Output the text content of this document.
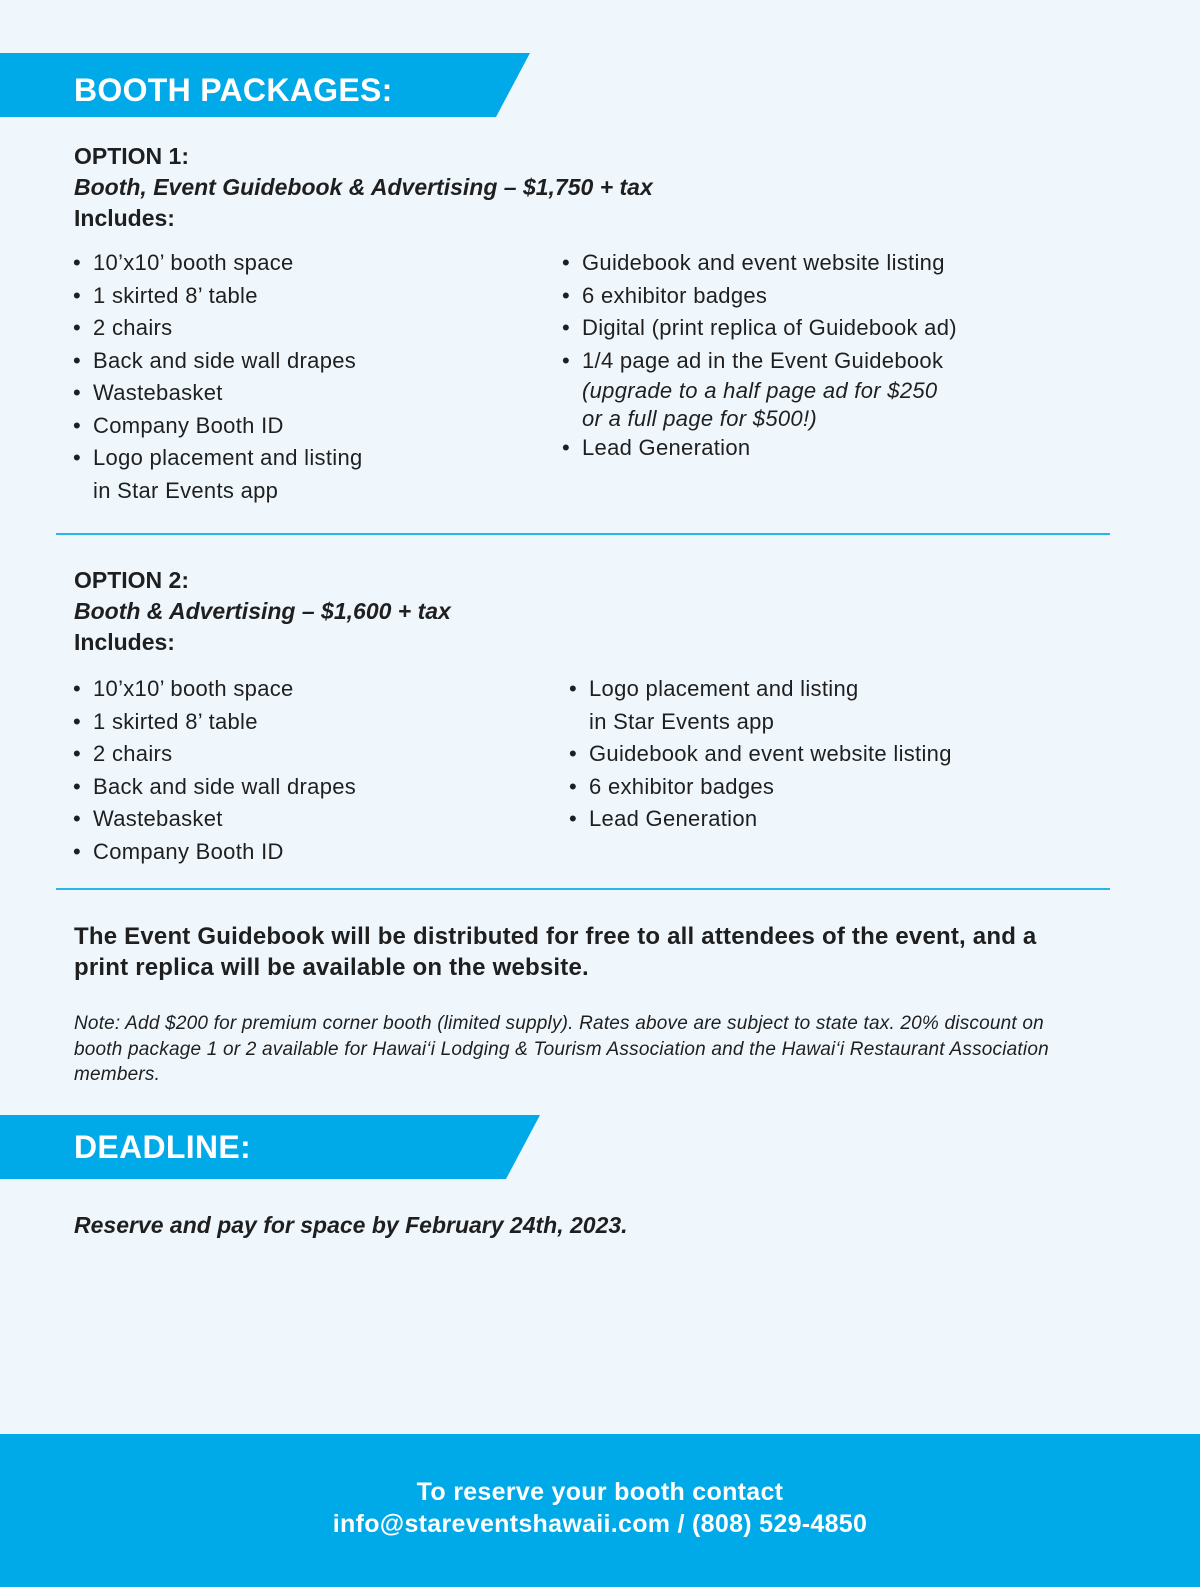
BOOTH PACKAGES:
OPTION 1:
Booth, Event Guidebook & Advertising – $1,750 + tax
Includes:
• 10’x10’ booth space
• 1 skirted 8’ table
• 2 chairs
• Back and side wall drapes
• Wastebasket
• Company Booth ID
• Logo placement and listing
in Star Events app
• Guidebook and event website listing
• 6 exhibitor badges
• Digital (print replica of Guidebook ad)
• 1/4 page ad in the Event Guidebook
(upgrade to a half page ad for $250
or a full page for $500!)
• Lead Generation
OPTION 2:
Booth & Advertising – $1,600 + tax
Includes:
• 10’x10’ booth space
• 1 skirted 8’ table
• 2 chairs
• Back and side wall drapes
• Wastebasket
• Company Booth ID
• Logo placement and listing
in Star Events app
• Guidebook and event website listing
• 6 exhibitor badges
• Lead Generation
The Event Guidebook will be distributed for free to all attendees of the event, and a print replica will be available on the website.
Note: Add $200 for premium corner booth (limited supply). Rates above are subject to state tax. 20% discount on booth package 1 or 2 available for Hawai‘i Lodging & Tourism Association and the Hawai‘i Restaurant Association members.
DEADLINE:
Reserve and pay for space by February 24th, 2023.
To reserve your booth contact
info@stareventshawaii.com / (808) 529-4850
